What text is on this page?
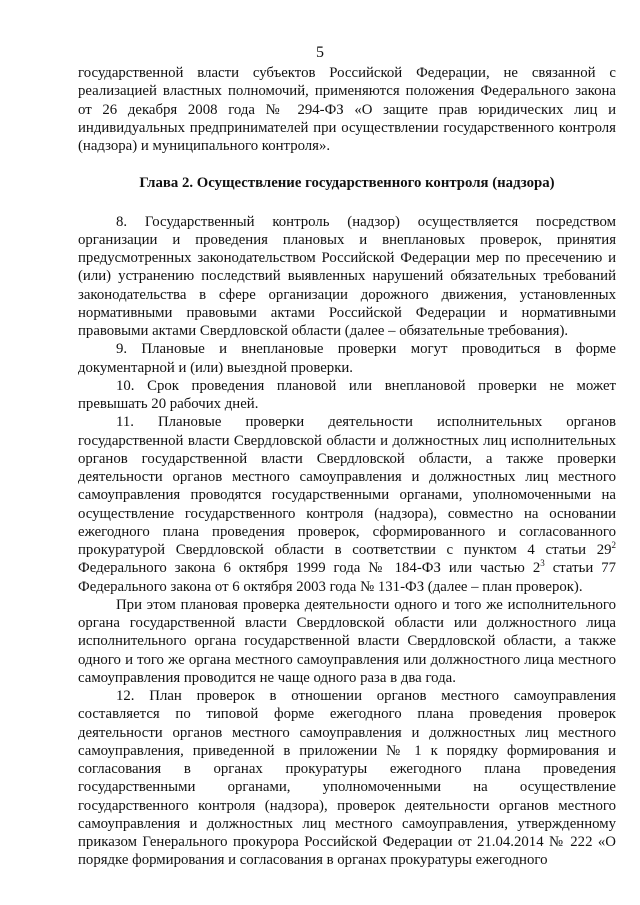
5

государственной власти субъектов Российской Федерации, не связанной с реализацией властных полномочий, применяются положения Федерального закона от 26 декабря 2008 года № 294-ФЗ «О защите прав юридических лиц и индивидуальных предпринимателей при осуществлении государственного контроля (надзора) и муниципального контроля».

Глава 2. Осуществление государственного контроля (надзора)

8. Государственный контроль (надзор) осуществляется посредством организации и проведения плановых и внеплановых проверок, принятия предусмотренных законодательством Российской Федерации мер по пресечению и (или) устранению последствий выявленных нарушений обязательных требований законодательства в сфере организации дорожного движения, установленных нормативными правовыми актами Российской Федерации и нормативными правовыми актами Свердловской области (далее – обязательные требования).

9. Плановые и внеплановые проверки могут проводиться в форме документарной и (или) выездной проверки.

10. Срок проведения плановой или внеплановой проверки не может превышать 20 рабочих дней.

11. Плановые проверки деятельности исполнительных органов государственной власти Свердловской области и должностных лиц исполнительных органов государственной власти Свердловской области, а также проверки деятельности органов местного самоуправления и должностных лиц местного самоуправления проводятся государственными органами, уполномоченными на осуществление государственного контроля (надзора), совместно на основании ежегодного плана проведения проверок, сформированного и согласованного прокуратурой Свердловской области в соответствии с пунктом 4 статьи $29^2$ Федерального закона 6 октября 1999 года № 184-ФЗ или частью $2^3$ статьи 77 Федерального закона от 6 октября 2003 года № 131-ФЗ (далее – план проверок).

При этом плановая проверка деятельности одного и того же исполнительного органа государственной власти Свердловской области или должностного лица исполнительного органа государственной власти Свердловской области, а также одного и того же органа местного самоуправления или должностного лица местного самоуправления проводится не чаще одного раза в два года.

12. План проверок в отношении органов местного самоуправления составляется по типовой форме ежегодного плана проведения проверок деятельности органов местного самоуправления и должностных лиц местного самоуправления, приведенной в приложении № 1 к порядку формирования и согласования в органах прокуратуры ежегодного плана проведения государственными органами, уполномоченными на осуществление государственного контроля (надзора), проверок деятельности органов местного самоуправления и должностных лиц местного самоуправления, утвержденному приказом Генерального прокурора Российской Федерации от 21.04.2014 № 222 «О порядке формирования и согласования в органах прокуратуры ежегодного
